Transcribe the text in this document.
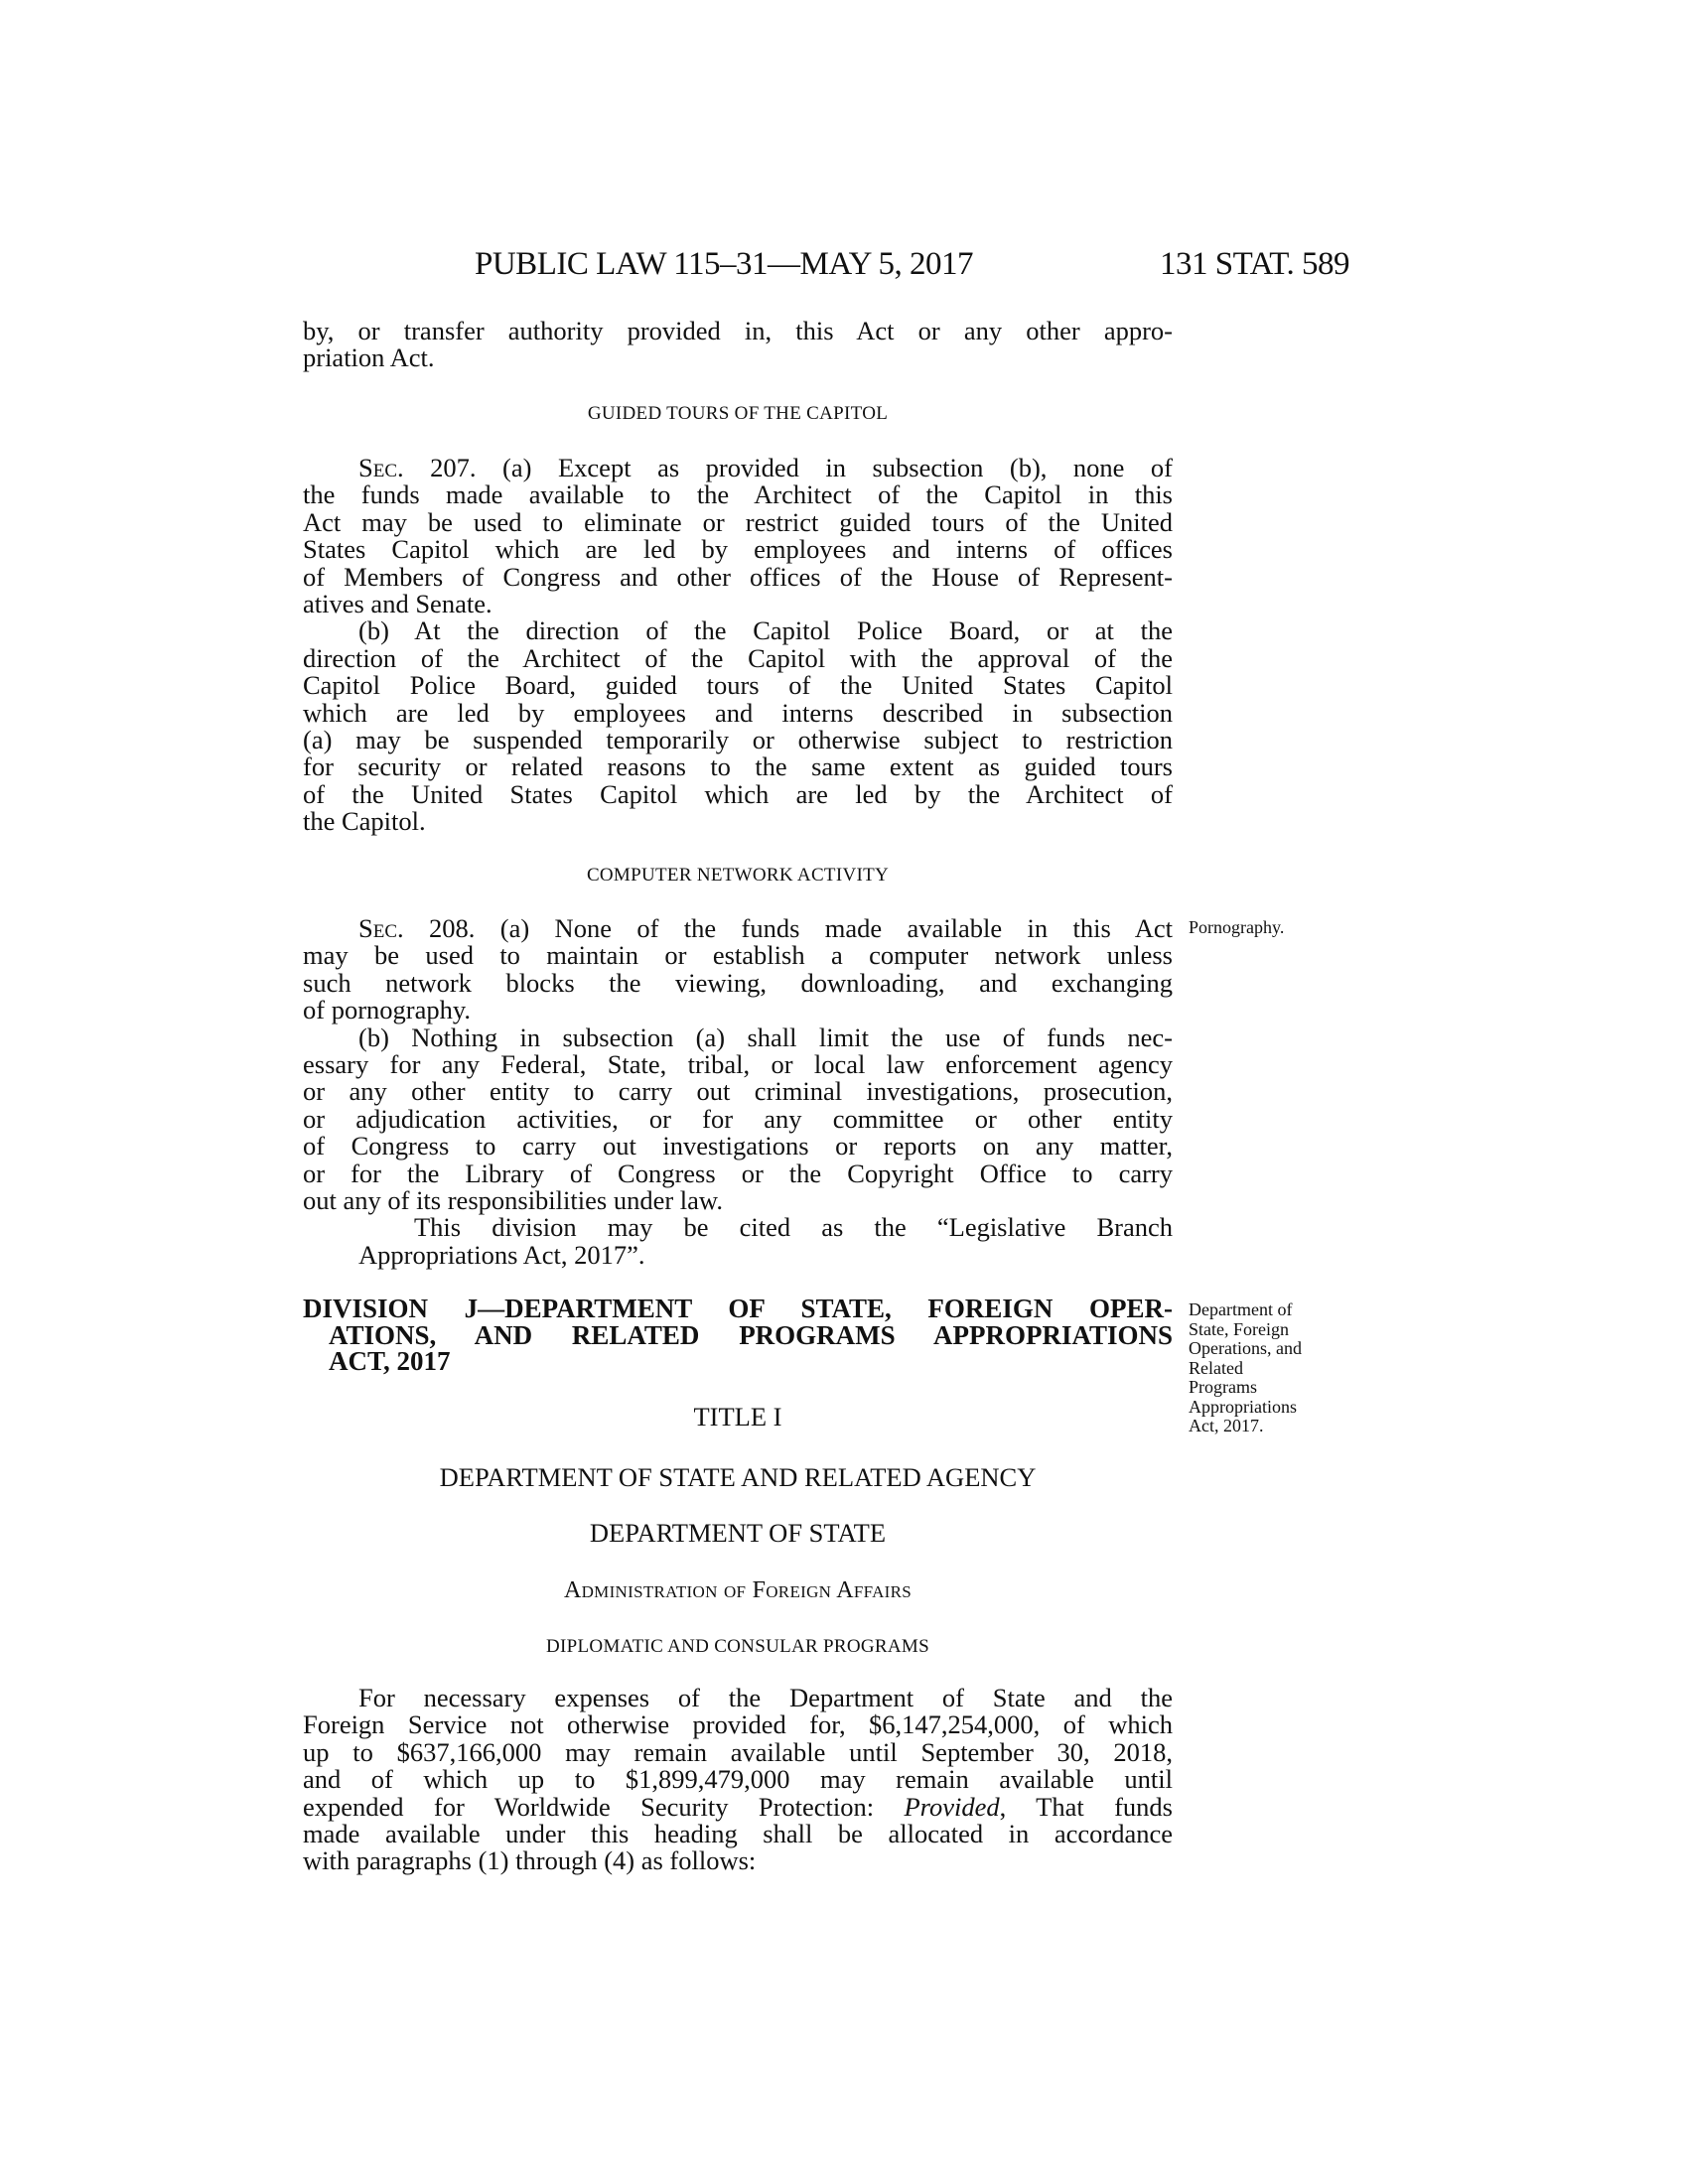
PUBLIC LAW 115–31—MAY 5, 2017	131 STAT. 589
by, or transfer authority provided in, this Act or any other appro-
priation Act.
GUIDED TOURS OF THE CAPITOL
Sec. 207. (a) Except as provided in subsection (b), none of
the funds made available to the Architect of the Capitol in this
Act may be used to eliminate or restrict guided tours of the United
States Capitol which are led by employees and interns of offices
of Members of Congress and other offices of the House of Represent-
atives and Senate.
(b) At the direction of the Capitol Police Board, or at the
direction of the Architect of the Capitol with the approval of the
Capitol Police Board, guided tours of the United States Capitol
which are led by employees and interns described in subsection
(a) may be suspended temporarily or otherwise subject to restriction
for security or related reasons to the same extent as guided tours
of the United States Capitol which are led by the Architect of
the Capitol.
COMPUTER NETWORK ACTIVITY
Pornography.
Sec. 208. (a) None of the funds made available in this Act
may be used to maintain or establish a computer network unless
such network blocks the viewing, downloading, and exchanging
of pornography.
(b) Nothing in subsection (a) shall limit the use of funds nec-
essary for any Federal, State, tribal, or local law enforcement agency
or any other entity to carry out criminal investigations, prosecution,
or adjudication activities, or for any committee or other entity
of Congress to carry out investigations or reports on any matter,
or for the Library of Congress or the Copyright Office to carry
out any of its responsibilities under law.
This division may be cited as the “Legislative Branch
Appropriations Act, 2017”.
DIVISION J—DEPARTMENT OF STATE, FOREIGN OPER-
ATIONS, AND RELATED PROGRAMS APPROPRIATIONS
ACT, 2017
Department of
State, Foreign
Operations, and
Related
Programs
Appropriations
Act, 2017.
TITLE I
DEPARTMENT OF STATE AND RELATED AGENCY
DEPARTMENT OF STATE
Administration of Foreign Affairs
DIPLOMATIC AND CONSULAR PROGRAMS
For necessary expenses of the Department of State and the
Foreign Service not otherwise provided for, $6,147,254,000, of which
up to $637,166,000 may remain available until September 30, 2018,
and of which up to $1,899,479,000 may remain available until
expended for Worldwide Security Protection: Provided, That funds
made available under this heading shall be allocated in accordance
with paragraphs (1) through (4) as follows:
